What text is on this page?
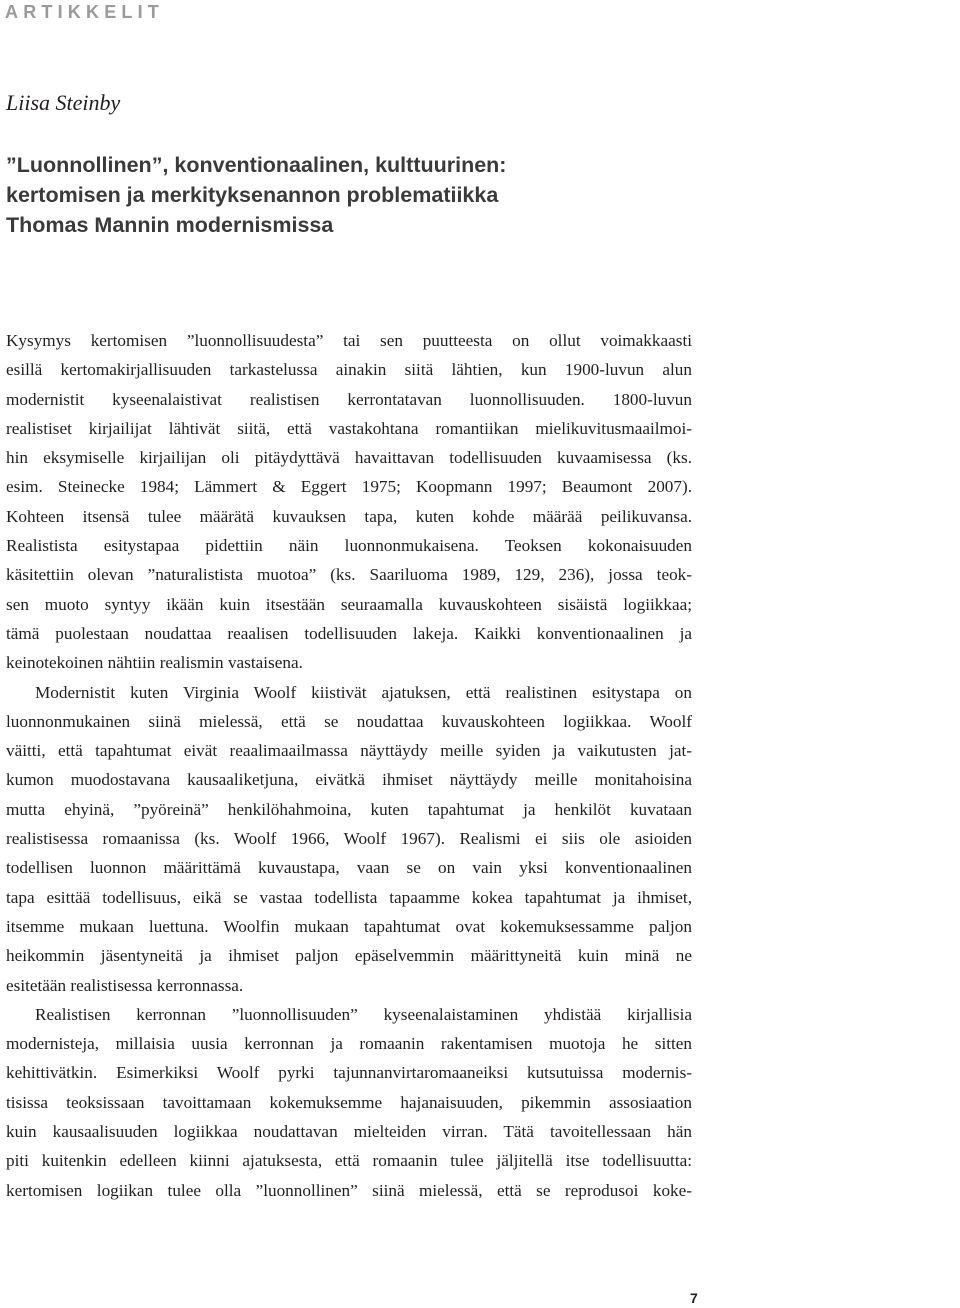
ARTIKKELIT
Liisa Steinby
”Luonnollinen”, konventionaalinen, kulttuurinen:
kertomisen ja merkityksenannon problematiikka
Thomas Mannin modernismissa

Kysymys kertomisen ”luonnollisuudesta” tai sen puutteesta on ollut voimakkaasti
esillä kertomakirjallisuuden tarkastelussa ainakin siitä lähtien, kun 1900-luvun alun
modernistit kyseenalaistivat realistisen kerrontatavan luonnollisuuden. 1800-luvun
realistiset kirjailijat lähtivät siitä, että vastakohtana romantiikan mielikuvitusmaailmoi-
hin eksymiselle kirjailijan oli pitäydyttävä havaittavan todellisuuden kuvaamisessa (ks.
esim. Steinecke 1984; Lämmert & Eggert 1975; Koopmann 1997; Beaumont 2007).
Kohteen itsensä tulee määrätä kuvauksen tapa, kuten kohde määrää peilikuvansa.
Realistista esitystapaa pidettiin näin luonnonmukaisena. Teoksen kokonaisuuden
käsitettiin olevan ”naturalistista muotoa” (ks. Saariluoma 1989, 129, 236), jossa teok-
sen muoto syntyy ikään kuin itsestään seuraamalla kuvauskohteen sisäistä logiikkaa;
tämä puolestaan noudattaa reaalisen todellisuuden lakeja. Kaikki konventionaalinen ja
keinotekoinen nähtiin realismin vastaisena.

Modernistit kuten Virginia Woolf kiistivät ajatuksen, että realistinen esitystapa on
luonnonmukainen siinä mielessä, että se noudattaa kuvauskohteen logiikkaa. Woolf
väitti, että tapahtumat eivät reaalimaailmassa näyttäydy meille syiden ja vaikutusten jat-
kumon muodostavana kausaaliketjuna, eivätkä ihmiset näyttäydy meille monitahoisina
mutta ehyinä, ”pyöreinä” henkilöhahmoina, kuten tapahtumat ja henkilöt kuvataan
realistisessa romaanissa (ks. Woolf 1966, Woolf 1967). Realismi ei siis ole asioiden
todellisen luonnon määrittämä kuvaustapa, vaan se on vain yksi konventionaalinen
tapa esittää todellisuus, eikä se vastaa todellista tapaamme kokea tapahtumat ja ihmiset,
itsemme mukaan luettuna. Woolfin mukaan tapahtumat ovat kokemuksessamme paljon
heikommin jäsentyneitä ja ihmiset paljon epäselvemmin määrittyneitä kuin minä ne
esitetään realistisessa kerronnassa.

Realistisen kerronnan ”luonnollisuuden” kyseenalaistaminen yhdistää kirjallisia
modernisteja, millaisia uusia kerronnan ja romaanin rakentamisen muotoja he sitten
kehittivätkin. Esimerkiksi Woolf pyrki tajunnanvirtaromaaneiksi kutsutuissa modernis-
tisissa teoksissaan tavoittamaan kokemuksemme hajanaisuuden, pikemmin assosiaation
kuin kausaalisuuden logiikkaa noudattavan mielteiden virran. Tätä tavoitellessaan hän
piti kuitenkin edelleen kiinni ajatuksesta, että romaanin tulee jäljitellä itse todellisuutta:
kertomisen logiikan tulee olla ”luonnollinen” siinä mielessä, että se reprodusoi koke-

7
